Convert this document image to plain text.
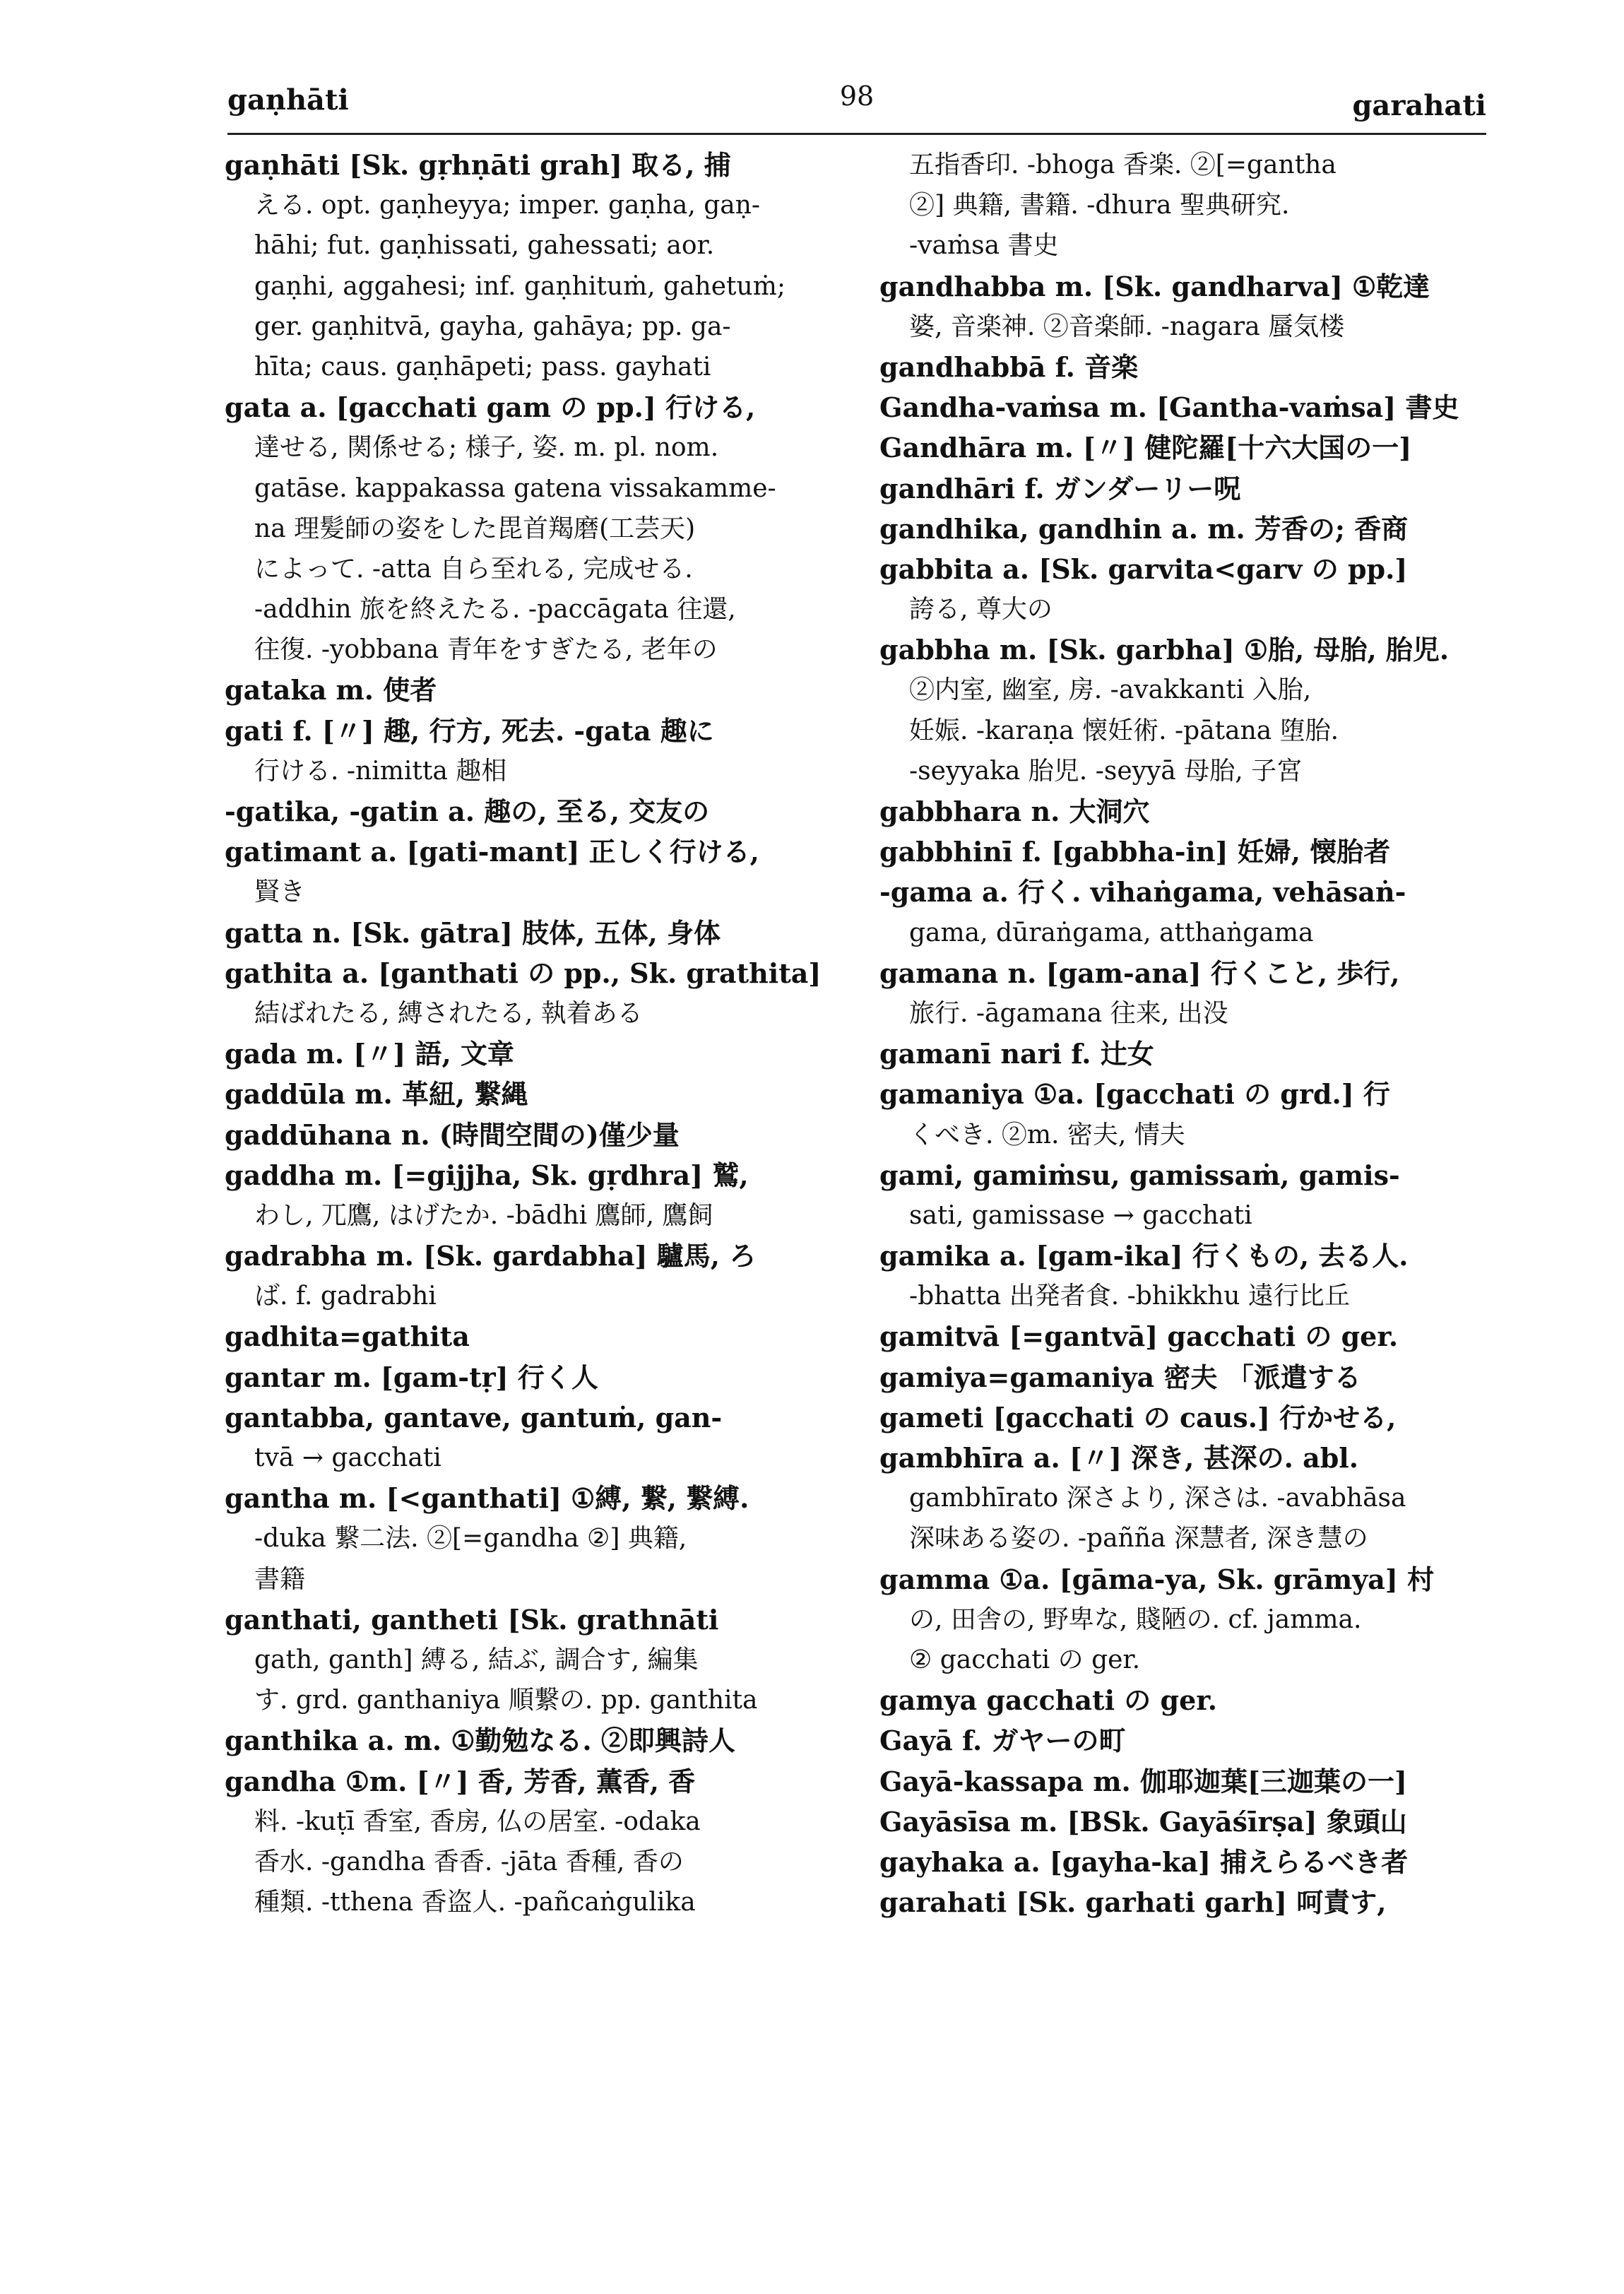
gaṇhāti	98	garahati
gaṇhāti [Sk. gṛhṇāti grah] 取る, 捕
える. opt. gaṇheyya; imper. gaṇha, gaṇ-
hāhi; fut. gaṇhissati, gahessati; aor.
gaṇhi, aggahesi; inf. gaṇhituṁ, gahetuṁ;
ger. gaṇhitvā, gayha, gahāya; pp. ga-
hīta; caus. gaṇhāpeti; pass. gayhati
gata a. [gacchati gam の pp.] 行ける,
達せる, 関係せる; 様子, 姿. m. pl. nom.
gatāse. kappakassa gatena vissakamme-
na 理髪師の姿をした毘首羯磨(工芸天)
によって. -atta 自ら至れる, 完成せる.
-addhin 旅を終えたる. -paccāgata 往還,
往復. -yobbana 青年をすぎたる, 老年の
gataka m. 使者
gati f. [〃] 趣, 行方, 死去. -gata 趣に
行ける. -nimitta 趣相
-gatika, -gatin a. 趣の, 至る, 交友の
gatimant a. [gati-mant] 正しく行ける,
賢き
gatta n. [Sk. gātra] 肢体, 五体, 身体
gathita a. [ganthati の pp., Sk. grathita]
結ばれたる, 縛されたる, 執着ある
gada m. [〃] 語, 文章
gaddūla m. 革紐, 繋縄
gaddūhana n. (時間空間の)僅少量
gaddha m. [=gijjha, Sk. gṛdhra] 鷲,
わし, 兀鷹, はげたか. -bādhi 鷹師, 鷹飼
gadrabha m. [Sk. gardabha] 驢馬, ろ
ば. f. gadrabhi
gadhita=gathita
gantar m. [gam-tṛ] 行く人
gantabba, gantave, gantuṁ, gan-
tvā → gacchati
gantha m. [<ganthati] ①縛, 繋, 繋縛.
-duka 繋二法. ②[=gandha ②] 典籍,
書籍
ganthati, gantheti [Sk. grathnāti
gath, ganth] 縛る, 結ぶ, 調合す, 編集
す. grd. ganthaniya 順繋の. pp. ganthita
ganthika a. m. ①勤勉なる. ②即興詩人
gandha ①m. [〃] 香, 芳香, 薫香, 香
料. -kuṭī 香室, 香房, 仏の居室. -odaka
香水. -gandha 香香. -jāta 香種, 香の
種類. -tthena 香盗人. -pañcaṅgulika
五指香印. -bhoga 香楽. ②[=gantha
②] 典籍, 書籍. -dhura 聖典研究.
-vaṁsa 書史
gandhabba m. [Sk. gandharva] ①乾達
婆, 音楽神. ②音楽師. -nagara 蜃気楼
gandhabbā f. 音楽
Gandha-vaṁsa m. [Gantha-vaṁsa] 書史
Gandhāra m. [〃] 健陀羅[十六大国の一]
gandhāri f. ガンダーリー呪
gandhika, gandhin a. m. 芳香の; 香商
gabbita a. [Sk. garvita<garv の pp.]
誇る, 尊大の
gabbha m. [Sk. garbha] ①胎, 母胎, 胎児.
②内室, 幽室, 房. -avakkanti 入胎,
妊娠. -karaṇa 懐妊術. -pātana 堕胎.
-seyyaka 胎児. -seyyā 母胎, 子宮
gabbhara n. 大洞穴
gabbhinī f. [gabbha-in] 妊婦, 懐胎者
-gama a. 行く. vihaṅgama, vehāsaṅ-
gama, dūraṅgama, atthaṅgama
gamana n. [gam-ana] 行くこと, 歩行,
旅行. -āgamana 往来, 出没
gamanī nari f. 辻女
gamaniya ①a. [gacchati の grd.] 行
くべき. ②m. 密夫, 情夫
gami, gamiṁsu, gamissaṁ, gamis-
sati, gamissase → gacchati
gamika a. [gam-ika] 行くもの, 去る人.
-bhatta 出発者食. -bhikkhu 遠行比丘
gamitvā [=gantvā] gacchati の ger.
gamiya=gamaniya 密夫 「派遣する
gameti [gacchati の caus.] 行かせる,
gambhīra a. [〃] 深き, 甚深の. abl.
gambhīrato 深さより, 深さは. -avabhāsa
深味ある姿の. -pañña 深慧者, 深き慧の
gamma ①a. [gāma-ya, Sk. grāmya] 村
の, 田舎の, 野卑な, 賤陋の. cf. jamma.
② gacchati の ger.
gamya gacchati の ger.
Gayā f. ガヤーの町
Gayā-kassapa m. 伽耶迦葉[三迦葉の一]
Gayāsīsa m. [BSk. Gayāśīrṣa] 象頭山
gayhaka a. [gayha-ka] 捕えらるべき者
garahati [Sk. garhati garh] 呵責す,
